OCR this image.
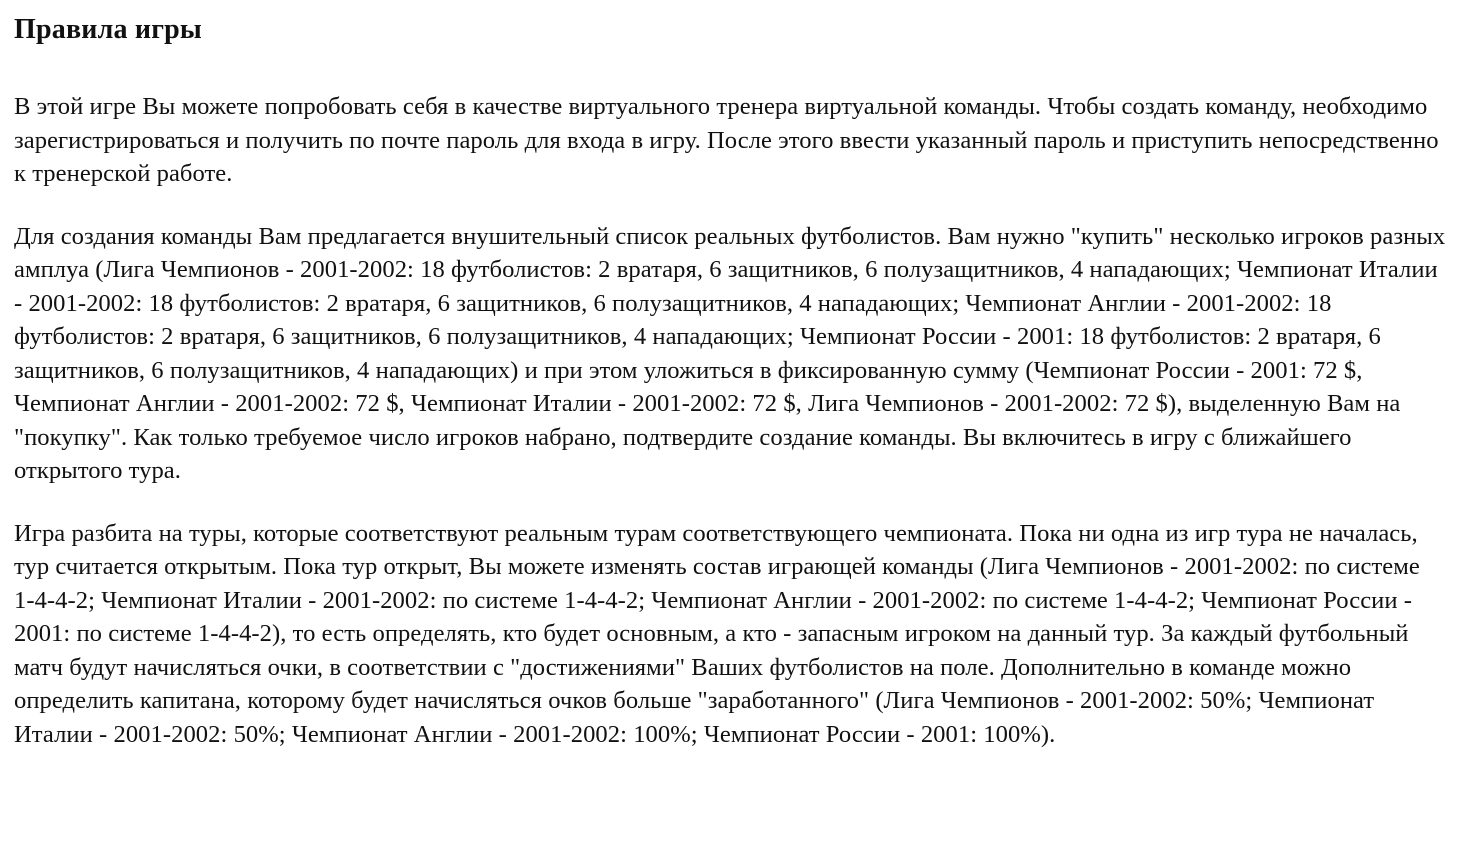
Правила игры

В этой игре Вы можете попробовать себя в качестве виртуального тренера виртуальной команды. Чтобы создать команду, необходимо зарегистрироваться и получить по почте пароль для входа в игру. После этого ввести указанный пароль и приступить непосредственно к тренерской работе.

Для создания команды Вам предлагается внушительный список реальных футболистов. Вам нужно "купить" несколько игроков разных амплуа (Лига Чемпионов - 2001-2002: 18 футболистов: 2 вратаря, 6 защитников, 6 полузащитников, 4 нападающих; Чемпионат Италии - 2001-2002: 18 футболистов: 2 вратаря, 6 защитников, 6 полузащитников, 4 нападающих; Чемпионат Англии - 2001-2002: 18 футболистов: 2 вратаря, 6 защитников, 6 полузащитников, 4 нападающих; Чемпионат России - 2001: 18 футболистов: 2 вратаря, 6 защитников, 6 полузащитников, 4 нападающих) и при этом уложиться в фиксированную сумму (Чемпионат России - 2001: 72 $, Чемпионат Англии - 2001-2002: 72 $, Чемпионат Италии - 2001-2002: 72 $, Лига Чемпионов - 2001-2002: 72 $), выделенную Вам на "покупку". Как только требуемое число игроков набрано, подтвердите создание команды. Вы включитесь в игру с ближайшего открытого тура.

Игра разбита на туры, которые соответствуют реальным турам соответствующего чемпионата. Пока ни одна из игр тура не началась, тур считается открытым. Пока тур открыт, Вы можете изменять состав играющей команды (Лига Чемпионов - 2001-2002: по системе 1-4-4-2; Чемпионат Италии - 2001-2002: по системе 1-4-4-2; Чемпионат Англии - 2001-2002: по системе 1-4-4-2; Чемпионат России - 2001: по системе 1-4-4-2), то есть определять, кто будет основным, а кто - запасным игроком на данный тур. За каждый футбольный матч будут начисляться очки, в соответствии с "достижениями" Ваших футболистов на поле. Дополнительно в команде можно определить капитана, которому будет начисляться очков больше "заработанного" (Лига Чемпионов - 2001-2002: 50%; Чемпионат Италии - 2001-2002: 50%; Чемпионат Англии - 2001-2002: 100%; Чемпионат России - 2001: 100%).
